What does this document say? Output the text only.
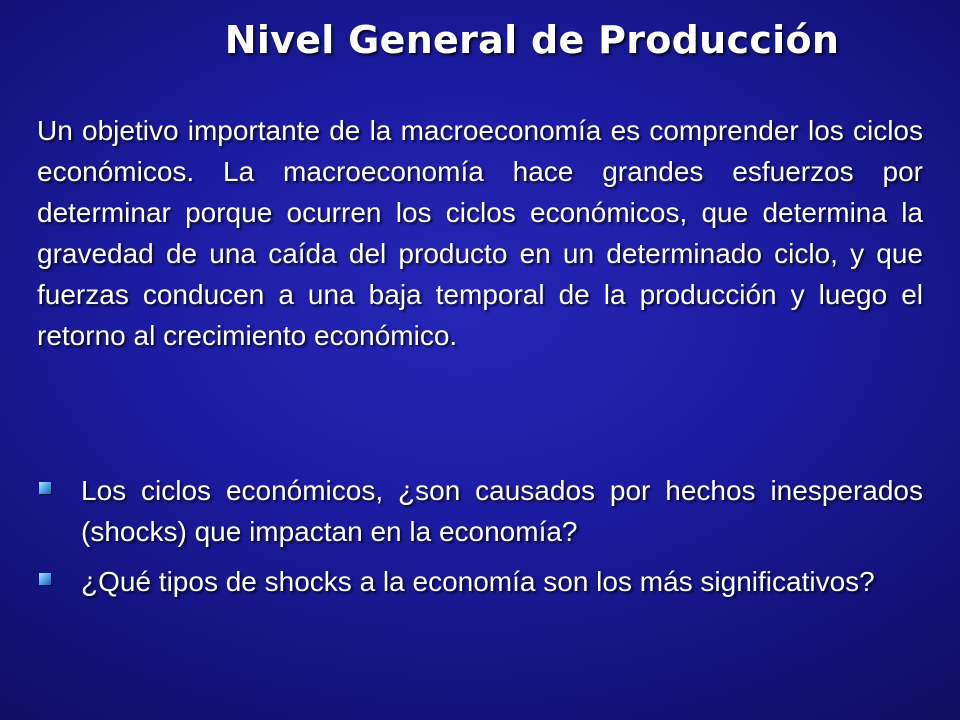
Nivel General de Producción

Un objetivo importante de la macroeconomía es comprender los ciclos económicos. La macroeconomía hace grandes esfuerzos por determinar porque ocurren los ciclos económicos, que determina la gravedad de una caída del producto en un determinado ciclo, y que fuerzas conducen a una baja temporal de la producción y luego el retorno al crecimiento económico.

Los ciclos económicos, ¿son causados por hechos inesperados (shocks) que impactan en la economía?
¿Qué tipos de shocks a la economía son los más significativos?
